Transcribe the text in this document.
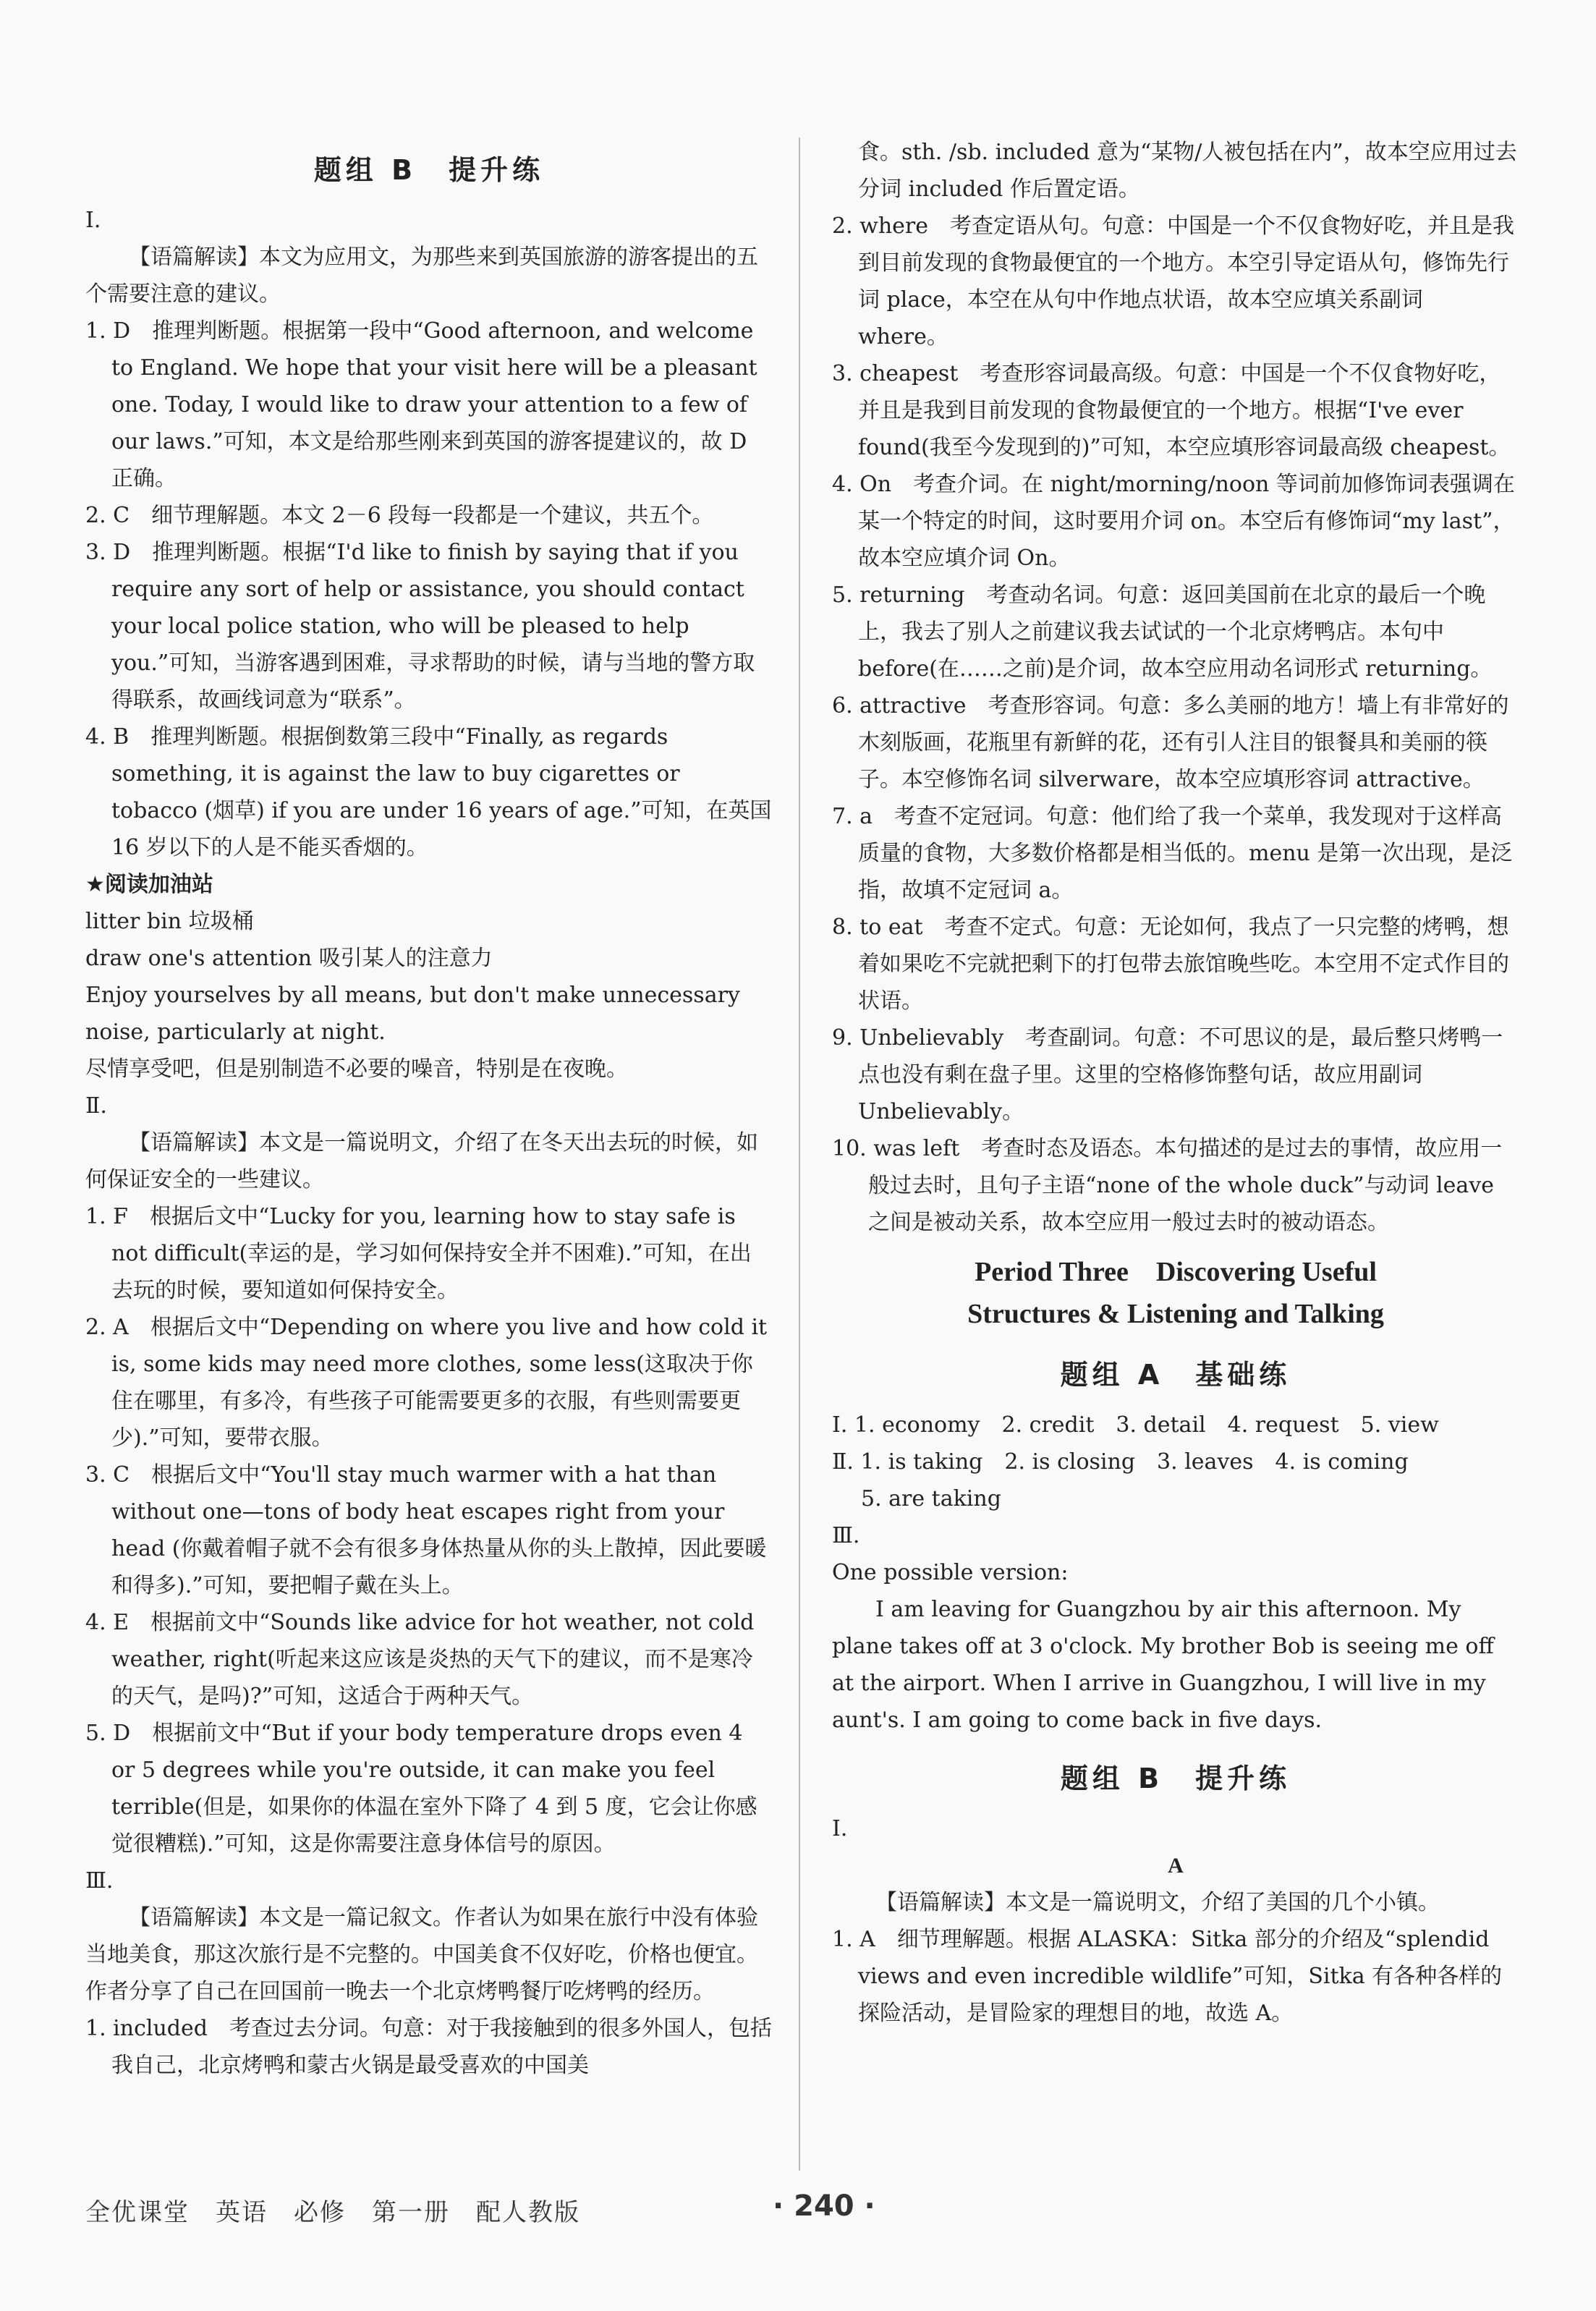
题组 B　提升练

Ⅰ.

【语篇解读】本文为应用文，为那些来到英国旅游的游客提出的五个需要注意的建议。

1. D　推理判断题。根据第一段中“Good afternoon, and welcome to England. We hope that your visit here will be a pleasant one. Today, I would like to draw your attention to a few of our laws.”可知，本文是给那些刚来到英国的游客提建议的，故 D 正确。

2. C　细节理解题。本文 2－6 段每一段都是一个建议，共五个。

3. D　推理判断题。根据“I'd like to finish by saying that if you require any sort of help or assistance, you should contact your local police station, who will be pleased to help you.”可知，当游客遇到困难，寻求帮助的时候，请与当地的警方取得联系，故画线词意为“联系”。

4. B　推理判断题。根据倒数第三段中“Finally, as regards something, it is against the law to buy cigarettes or tobacco (烟草) if you are under 16 years of age.”可知，在英国 16 岁以下的人是不能买香烟的。

★阅读加油站

litter bin 垃圾桶

draw one's attention 吸引某人的注意力

Enjoy yourselves by all means, but don't make unnecessary noise, particularly at night.

尽情享受吧，但是别制造不必要的噪音，特别是在夜晚。

Ⅱ.

【语篇解读】本文是一篇说明文，介绍了在冬天出去玩的时候，如何保证安全的一些建议。

1. F　根据后文中“Lucky for you, learning how to stay safe is not difficult(幸运的是，学习如何保持安全并不困难).”可知，在出去玩的时候，要知道如何保持安全。

2. A　根据后文中“Depending on where you live and how cold it is, some kids may need more clothes, some less(这取决于你住在哪里，有多冷，有些孩子可能需要更多的衣服，有些则需要更少).”可知，要带衣服。

3. C　根据后文中“You'll stay much warmer with a hat than without one—tons of body heat escapes right from your head (你戴着帽子就不会有很多身体热量从你的头上散掉，因此要暖和得多).”可知，要把帽子戴在头上。

4. E　根据前文中“Sounds like advice for hot weather, not cold weather, right(听起来这应该是炎热的天气下的建议，而不是寒冷的天气，是吗)?”可知，这适合于两种天气。

5. D　根据前文中“But if your body temperature drops even 4 or 5 degrees while you're outside, it can make you feel terrible(但是，如果你的体温在室外下降了 4 到 5 度，它会让你感觉很糟糕).”可知，这是你需要注意身体信号的原因。

Ⅲ.

【语篇解读】本文是一篇记叙文。作者认为如果在旅行中没有体验当地美食，那这次旅行是不完整的。中国美食不仅好吃，价格也便宜。作者分享了自己在回国前一晚去一个北京烤鸭餐厅吃烤鸭的经历。

1. included　考查过去分词。句意：对于我接触到的很多外国人，包括我自己，北京烤鸭和蒙古火锅是最受喜欢的中国美

食。sth. /sb. included 意为“某物/人被包括在内”，故本空应用过去分词 included 作后置定语。

2. where　考查定语从句。句意：中国是一个不仅食物好吃，并且是我到目前发现的食物最便宜的一个地方。本空引导定语从句，修饰先行词 place，本空在从句中作地点状语，故本空应填关系副词 where。

3. cheapest　考查形容词最高级。句意：中国是一个不仅食物好吃，并且是我到目前发现的食物最便宜的一个地方。根据“I've ever found(我至今发现到的)”可知，本空应填形容词最高级 cheapest。

4. On　考查介词。在 night/morning/noon 等词前加修饰词表强调在某一个特定的时间，这时要用介词 on。本空后有修饰词“my last”，故本空应填介词 On。

5. returning　考查动名词。句意：返回美国前在北京的最后一个晚上，我去了别人之前建议我去试试的一个北京烤鸭店。本句中 before(在……之前)是介词，故本空应用动名词形式 returning。

6. attractive　考查形容词。句意：多么美丽的地方！墙上有非常好的木刻版画，花瓶里有新鲜的花，还有引人注目的银餐具和美丽的筷子。本空修饰名词 silverware，故本空应填形容词 attractive。

7. a　考查不定冠词。句意：他们给了我一个菜单，我发现对于这样高质量的食物，大多数价格都是相当低的。menu 是第一次出现，是泛指，故填不定冠词 a。

8. to eat　考查不定式。句意：无论如何，我点了一只完整的烤鸭，想着如果吃不完就把剩下的打包带去旅馆晚些吃。本空用不定式作目的状语。

9. Unbelievably　考查副词。句意：不可思议的是，最后整只烤鸭一点也没有剩在盘子里。这里的空格修饰整句话，故应用副词 Unbelievably。

10. was left　考查时态及语态。本句描述的是过去的事情，故应用一般过去时，且句子主语“none of the whole duck”与动词 leave 之间是被动关系，故本空应用一般过去时的被动语态。

Period Three　Discovering Useful

Structures & Listening and Talking

题组 A　基础练

Ⅰ. 1. economy　2. credit　3. detail　4. request　5. view

Ⅱ. 1. is taking　2. is closing　3. leaves　4. is coming

5. are taking

Ⅲ.

One possible version:

I am leaving for Guangzhou by air this afternoon. My plane takes off at 3 o'clock. My brother Bob is seeing me off at the airport. When I arrive in Guangzhou, I will live in my aunt's. I am going to come back in five days.

题组 B　提升练

Ⅰ.

A

【语篇解读】本文是一篇说明文，介绍了美国的几个小镇。

1. A　细节理解题。根据 ALASKA：Sitka 部分的介绍及“splendid views and even incredible wildlife”可知，Sitka 有各种各样的探险活动，是冒险家的理想目的地，故选 A。

全优课堂　英语　必修　第一册　配人教版	· 240 ·
